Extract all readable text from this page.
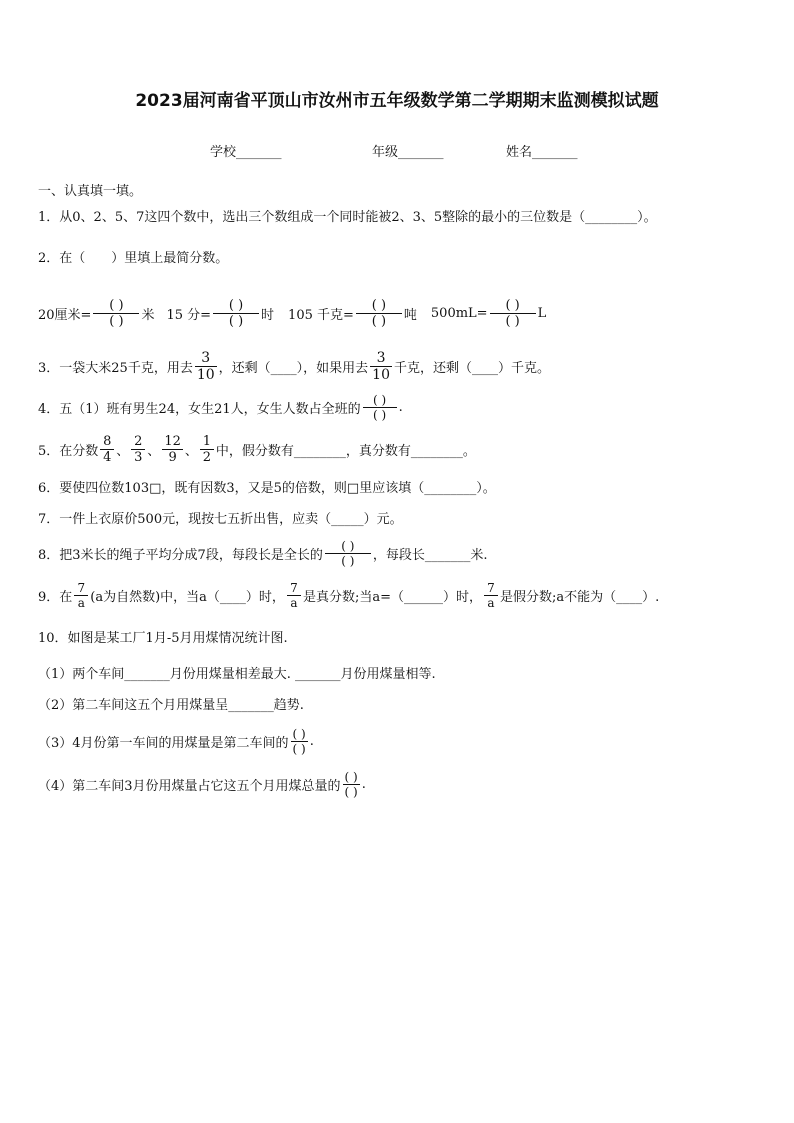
2023届河南省平顶山市汝州市五年级数学第二学期期末监测模拟试题
学校_______	年级_______	姓名_______
一、认真填一填。
1．从0、2、5、7这四个数中，选出三个数组成一个同时能被2、3、5整除的最小的三位数是（________）。
2．在（　　）里填上最简分数。
20厘米= $\frac{( )}{( )}$ 米 15 分= $\frac{( )}{( )}$ 时 105 千克= $\frac{( )}{( )}$ 吨 $500mL= \frac{( )}{( )}$ L
3．一袋大米25千克，用去 $\frac{3}{10}$ ，还剩（____），如果用去 $\frac{3}{10}$ 千克，还剩（____）千克。
4．五（1）班有男生24，女生21人，女生人数占全班的 $\frac{( )}{( )}$ .
5．在分数 $\frac{8}{4}$ 、 $\frac{2}{3}$ 、 $\frac{12}{9}$ 、 $\frac{1}{2}$ 中，假分数有________，真分数有________。
6．要使四位数103□，既有因数3，又是5的倍数，则□里应该填（________）。
7．一件上衣原价500元，现按七五折出售，应卖（_____）元。
8．把3米长的绳子平均分成7段，每段长是全长的 $\frac{( )}{( )}$ ，每段长_______米.
9．在 $\frac{7}{a} (a$为自然数)中，当a（____）时， $\frac{7}{a}$ 是真分数;当a=（______）时， $\frac{7}{a}$ 是假分数;a不能为（____）.
10．如图是某工厂1月-5月用煤情况统计图.
（1）两个车间_______月份用煤量相差最大. _______月份用煤量相等.
（2）第二车间这五个月用煤量呈_______趋势.
（3）4月份第一车间的用煤量是第二车间的 $\frac{( )}{( )}$ .
（4）第二车间3月份用煤量占它这五个月用煤总量的 $\frac{( )}{( )}$ .
